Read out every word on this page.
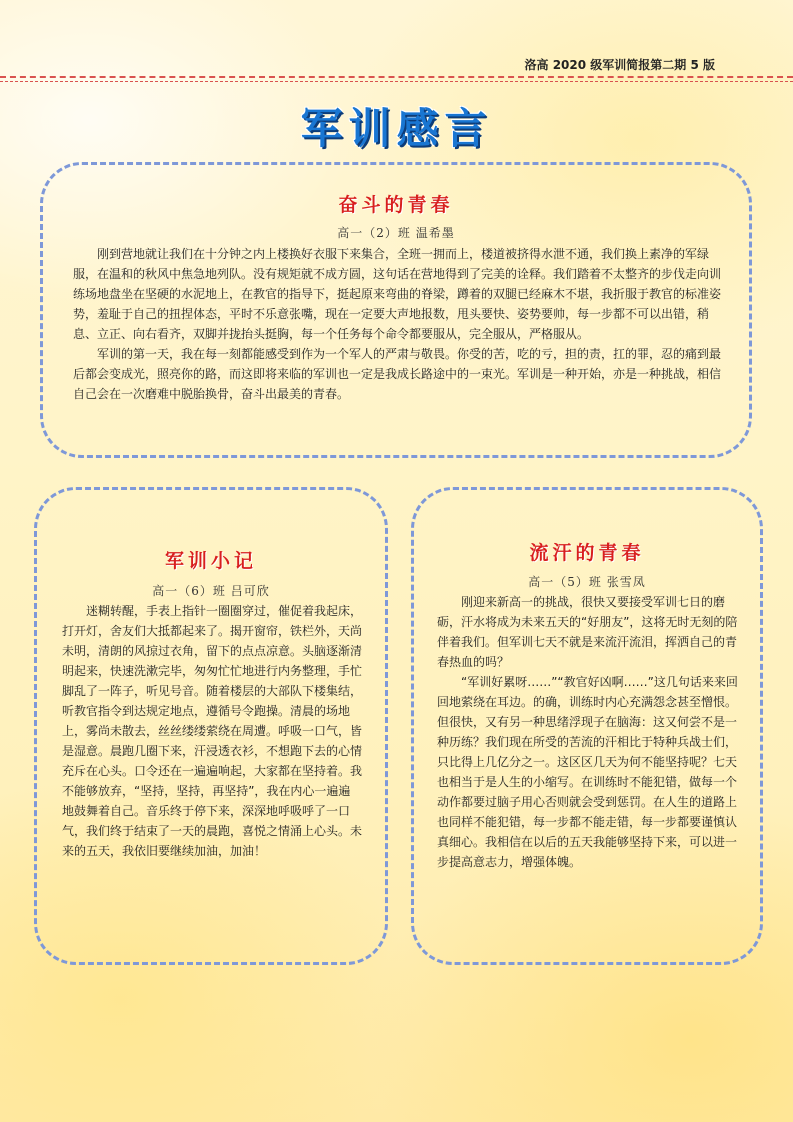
洛高 2020 级军训简报第二期 5 版
军训感言
奋斗的青春
高一（2）班 温希墨

刚到营地就让我们在十分钟之内上楼换好衣服下来集合，全班一拥而上，楼道被挤得水泄不通，我们换上素净的军绿服，在温和的秋风中焦急地列队。没有规矩就不成方圆，这句话在营地得到了完美的诠释。我们踏着不太整齐的步伐走向训练场地盘坐在坚硬的水泥地上，在教官的指导下，挺起原来弯曲的脊梁，蹲着的双腿已经麻木不堪，我折服于教官的标准姿势，羞耻于自己的扭捏体态，平时不乐意张嘴，现在一定要大声地报数，甩头要快、姿势要帅，每一步都不可以出错，稍息、立正、向右看齐，双脚并拢抬头挺胸，每一个任务每个命令都要服从，完全服从，严格服从。

军训的第一天，我在每一刻都能感受到作为一个军人的严肃与敬畏。你受的苦，吃的亏，担的责，扛的罪，忍的痛到最后都会变成光，照亮你的路，而这即将来临的军训也一定是我成长路途中的一束光。军训是一种开始，亦是一种挑战，相信自己会在一次磨难中脱胎换骨，奋斗出最美的青春。

军训小记
高一（6）班 吕可欣

迷糊转醒，手表上指针一圈圈穿过，催促着我起床，打开灯，舍友们大抵都起来了。揭开窗帘，铁栏外，天尚未明，清朗的风掠过衣角，留下的点点凉意。头脑逐渐清明起来，快速洗漱完毕，匆匆忙忙地进行内务整理，手忙脚乱了一阵子，听见号音。随着楼层的大部队下楼集结，听教官指令到达规定地点，遵循号令跑操。清晨的场地上，雾尚未散去，丝丝缕缕萦绕在周遭。呼吸一口气，皆是湿意。晨跑几圈下来，汗浸透衣衫，不想跑下去的心情充斥在心头。口令还在一遍遍响起，大家都在坚持着。我不能够放弃，“坚持，坚持，再坚持”，我在内心一遍遍地鼓舞着自己。音乐终于停下来，深深地呼吸呼了一口气，我们终于结束了一天的晨跑，喜悦之情涌上心头。未来的五天，我依旧要继续加油，加油！

流汗的青春
高一（5）班 张雪凤

刚迎来新高一的挑战，很快又要接受军训七日的磨砺，汗水将成为未来五天的“好朋友”，这将无时无刻的陪伴着我们。但军训七天不就是来流汗流泪，挥洒自己的青春热血的吗？

“军训好累呀……”“教官好凶啊……”这几句话来来回回地萦绕在耳边。的确，训练时内心充满怨念甚至憎恨。但很快，又有另一种思绪浮现子在脑海：这又何尝不是一种历练？我们现在所受的苦流的汗相比于特种兵战士们，只比得上几亿分之一。这区区几天为何不能坚持呢？七天也相当于是人生的小缩写。在训练时不能犯错，做每一个动作都要过脑子用心否则就会受到惩罚。在人生的道路上也同样不能犯错，每一步都不能走错，每一步都要谨慎认真细心。我相信在以后的五天我能够坚持下来，可以进一步提高意志力，增强体魄。
